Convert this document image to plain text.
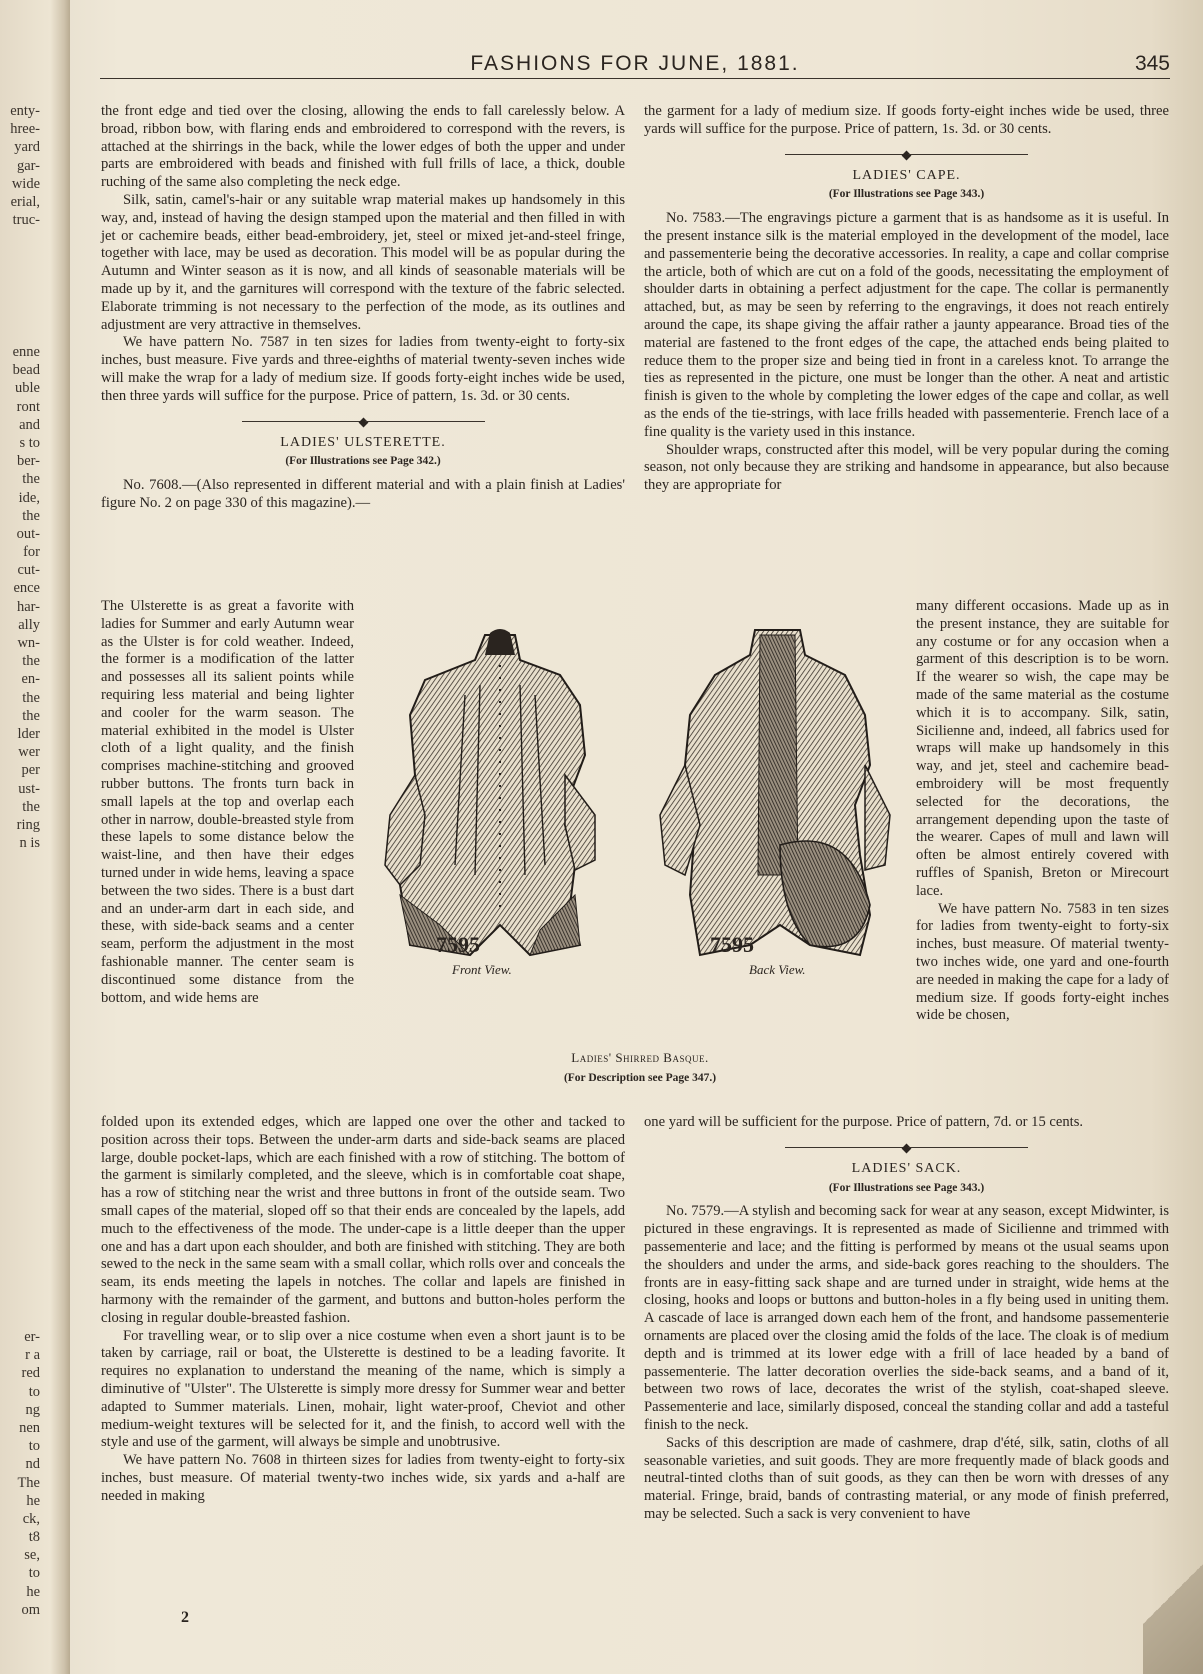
enty-
hree-
yard
gar-
wide
erial,
truc-
enne
bead
uble
ront
and
s to
ber-
the
ide,
the
out-
for
cut-
ence
har-
ally
wn-
the
en-
the
the
lder
wer
per
ust-
the
ring
n is
er-
r a
red
to
ng
nen
to
nd
The
he
ck,
t8
se,
to
he
om
FASHIONS FOR JUNE, 1881.	345

the front edge and tied over the closing, allowing the ends to fall carelessly below. A broad, ribbon bow, with flaring ends and embroidered to correspond with the revers, is attached at the shirrings in the back, while the lower edges of both the upper and under parts are embroidered with beads and finished with full frills of lace, a thick, double ruching of the same also completing the neck edge.

Silk, satin, camel's-hair or any suitable wrap material makes up handsomely in this way, and, instead of having the design stamped upon the material and then filled in with jet or cachemire beads, either bead-embroidery, jet, steel or mixed jet-and-steel fringe, together with lace, may be used as decoration. This model will be as popular during the Autumn and Winter season as it is now, and all kinds of seasonable materials will be made up by it, and the garnitures will correspond with the texture of the fabric selected. Elaborate trimming is not necessary to the perfection of the mode, as its outlines and adjustment are very attractive in themselves.

We have pattern No. 7587 in ten sizes for ladies from twenty-eight to forty-six inches, bust measure. Five yards and three-eighths of material twenty-seven inches wide will make the wrap for a lady of medium size. If goods forty-eight inches wide be used, then three yards will suffice for the purpose. Price of pattern, 1s. 3d. or 30 cents.

LADIES' ULSTERETTE.
(For Illustrations see Page 342.)

No. 7608.—(Also represented in different material and with a plain finish at Ladies' figure No. 2 on page 330 of this magazine).—

The Ulsterette is as great a favorite with ladies for Summer and early Autumn wear as the Ulster is for cold weather. Indeed, the former is a modification of the latter and possesses all its salient points while requiring less material and being lighter and cooler for the warm season. The material exhibited in the model is Ulster cloth of a light quality, and the finish comprises machine-stitching and grooved rubber buttons. The fronts turn back in small lapels at the top and overlap each other in narrow, double-breasted style from these lapels to some distance below the waist-line, and then have their edges turned under in wide hems, leaving a space between the two sides. There is a bust dart and an under-arm dart in each side, and these, with side-back seams and a center seam, perform the adjustment in the most fashionable manner. The center seam is discontinued some distance from the bottom, and wide hems are

folded upon its extended edges, which are lapped one over the other and tacked to position across their tops. Between the under-arm darts and side-back seams are placed large, double pocket-laps, which are each finished with a row of stitching. The bottom of the garment is similarly completed, and the sleeve, which is in comfortable coat shape, has a row of stitching near the wrist and three buttons in front of the outside seam. Two small capes of the material, sloped off so that their ends are concealed by the lapels, add much to the effectiveness of the mode. The under-cape is a little deeper than the upper one and has a dart upon each shoulder, and both are finished with stitching. They are both sewed to the neck in the same seam with a small collar, which rolls over and conceals the seam, its ends meeting the lapels in notches. The collar and lapels are finished in harmony with the remainder of the garment, and buttons and button-holes perform the closing in regular double-breasted fashion.

For travelling wear, or to slip over a nice costume when even a short jaunt is to be taken by carriage, rail or boat, the Ulsterette is destined to be a leading favorite. It requires no explanation to understand the meaning of the name, which is simply a diminutive of "Ulster". The Ulsterette is simply more dressy for Summer wear and better adapted to Summer materials. Linen, mohair, light water-proof, Cheviot and other medium-weight textures will be selected for it, and the finish, to accord well with the style and use of the garment, will always be simple and unobtrusive.

We have pattern No. 7608 in thirteen sizes for ladies from twenty-eight to forty-six inches, bust measure. Of material twenty-two inches wide, six yards and a-half are needed in making

the garment for a lady of medium size. If goods forty-eight inches wide be used, three yards will suffice for the purpose. Price of pattern, 1s. 3d. or 30 cents.

LADIES' CAPE.
(For Illustrations see Page 343.)

No. 7583.—The engravings picture a garment that is as handsome as it is useful. In the present instance silk is the material employed in the development of the model, lace and passementerie being the decorative accessories. In reality, a cape and collar comprise the article, both of which are cut on a fold of the goods, necessitating the employment of shoulder darts in obtaining a perfect adjustment for the cape. The collar is permanently attached, but, as may be seen by referring to the engravings, it does not reach entirely around the cape, its shape giving the affair rather a jaunty appearance. Broad ties of the material are fastened to the front edges of the cape, the attached ends being plaited to reduce them to the proper size and being tied in front in a careless knot. To arrange the ties as represented in the picture, one must be longer than the other. A neat and artistic finish is given to the whole by completing the lower edges of the cape and collar, as well as the ends of the tie-strings, with lace frills headed with passementerie. French lace of a fine quality is the variety used in this instance.

Shoulder wraps, constructed after this model, will be very popular during the coming season, not only because they are striking and handsome in appearance, but also because they are appropriate for

many different occasions. Made up as in the present instance, they are suitable for any costume or for any occasion when a garment of this description is to be worn. If the wearer so wish, the cape may be made of the same material as the costume which it is to accompany. Silk, satin, Sicilienne and, indeed, all fabrics used for wraps will make up handsomely in this way, and jet, steel and cachemire bead-embroidery will be most frequently selected for the decorations, the arrangement depending upon the taste of the wearer. Capes of mull and lawn will often be almost entirely covered with ruffles of Spanish, Breton or Mirecourt lace.

We have pattern No. 7583 in ten sizes for ladies from twenty-eight to forty-six inches, bust measure. Of material twenty-two inches wide, one yard and one-fourth are needed in making the cape for a lady of medium size. If goods forty-eight inches wide be chosen,

one yard will be sufficient for the purpose. Price of pattern, 7d. or 15 cents.

LADIES' SACK.
(For Illustrations see Page 343.)

No. 7579.—A stylish and becoming sack for wear at any season, except Midwinter, is pictured in these engravings. It is represented as made of Sicilienne and trimmed with passementerie and lace; and the fitting is performed by means ot the usual seams upon the shoulders and under the arms, and side-back gores reaching to the shoulders. The fronts are in easy-fitting sack shape and are turned under in straight, wide hems at the closing, hooks and loops or buttons and button-holes in a fly being used in uniting them. A cascade of lace is arranged down each hem of the front, and handsome passementerie ornaments are placed over the closing amid the folds of the lace. The cloak is of medium depth and is trimmed at its lower edge with a frill of lace headed by a band of passementerie. The latter decoration overlies the side-back seams, and a band of it, between two rows of lace, decorates the wrist of the stylish, coat-shaped sleeve. Passementerie and lace, similarly disposed, conceal the standing collar and add a tasteful finish to the neck.

Sacks of this description are made of cashmere, drap d'été, silk, satin, cloths of all seasonable varieties, and suit goods. They are more frequently made of black goods and neutral-tinted cloths than of suit goods, as they can then be worn with dresses of any material. Fringe, braid, bands of contrasting material, or any mode of finish preferred, may be selected. Such a sack is very convenient to have

7595	7595
Front View.	Back View.
Ladies' Shirred Basque.
(For Description see Page 347.)
2
